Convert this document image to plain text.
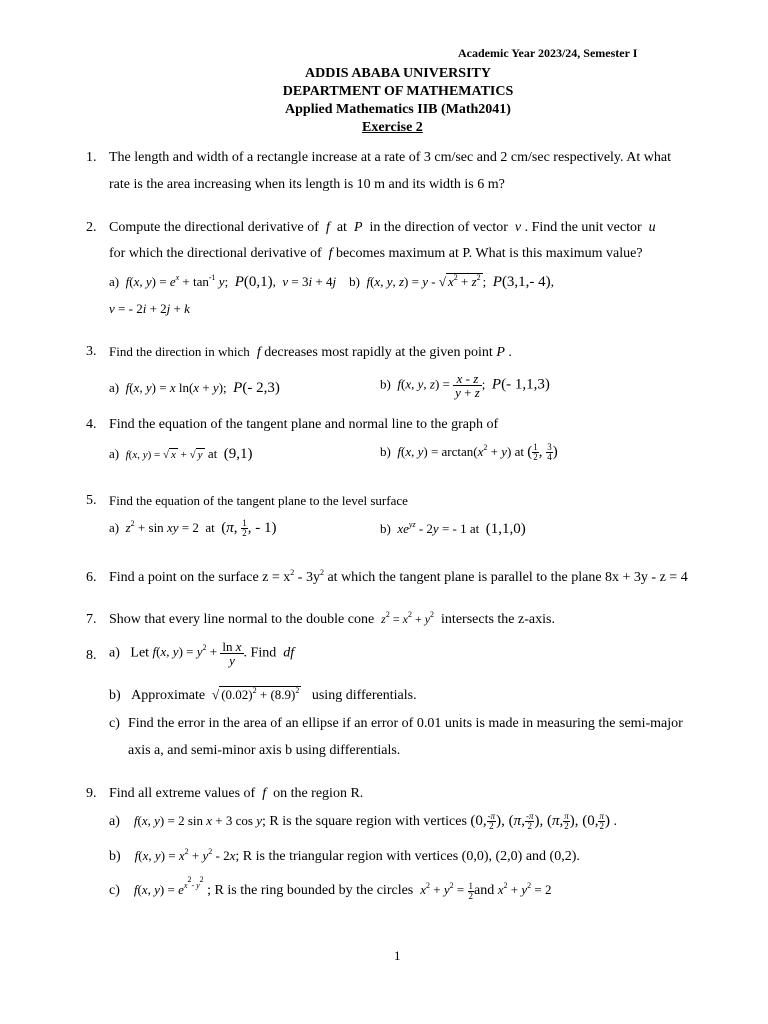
Academic Year 2023/24, Semester I
ADDIS ABABA UNIVERSITY
DEPARTMENT OF MATHEMATICS
Applied Mathematics IIB (Math2041)
Exercise 2
1. The length and width of a rectangle increase at a rate of 3 cm/sec and 2 cm/sec respectively. At what
rate is the area increasing when its length is 10 m and its width is 6 m?
2. Compute the directional derivative of f at P in the direction of vector v . Find the unit vector u
for which the directional derivative of f becomes maximum at P. What is this maximum value?
a) f(x, $y) = e^x + \tan^{-1} y$;  P(0,1),  v = 3i + 4j b) f(x, y, z) = y - √ $x^2 + z^2$ ;  P(3,1,- 4),
v = - 2i + 2j + k
3. Find the direction in which f decreases most rapidly at the given point P .
a) f(x, y) = x ln(x + y);  P(- 2,3)	b) f(x, y, $z) = \frac{x - z}{y + z}$ ;  P(- 1,1,3)
4. Find the equation of the tangent plane and normal line to the graph of
a) f(x, y) = √ x + √ y at (9,1)	b) f(x, $y) = \arctan(x^2 + y)$ at ( $\frac{1}{2}$ , $\frac{3}{4}$ )
5. Find the equation of the tangent plane to the level surface
a) $z^2 + \sin$ xy = 2  at (π, $\frac{1}{2}$ , - 1)	b) $xe^{yz} - 2y$ = - 1 at (1,1,0)
6. Find a point on the surface $z = x^2 - 3y^2$ at which the tangent plane is parallel to the plane 8x + 3y - z = 4
7. Show that every line normal to the double cone $z^2 = x^2 + y^2$ intersects the z-axis.
8. a) Let f(x, $y) = y^2 + \frac{\text{ln x}}{y}$ . Find df
b) Approximate √ $(0.02)^2 + (8.9)^2$ using differentials.
c) Find the error in the area of an ellipse if an error of 0.01 units is made in measuring the semi-major
axis a, and semi-minor axis b using differentials.
9. Find all extreme values of f on the region R.
a) f(x, y) = 2 sin x + 3 cos y; R is the square region with vertices (0, $\frac{-\pi}{2}$ ), (π, $\frac{-\pi}{2}$ ), (π, $\frac{\pi}{2}$ ), (0, $\frac{\pi}{2}$ ) .
b) f(x, $y) = x^2 + y^2 - 2x$; R is the triangular region with vertices (0,0), (2,0) and (0,2).
c) f(x, $y) = e^{x^2- y^2}$ ; R is the ring bounded by the circles $x^2 + y^2 = \frac{1}{2}$ and $x^2 + y^2 = 2$
1
